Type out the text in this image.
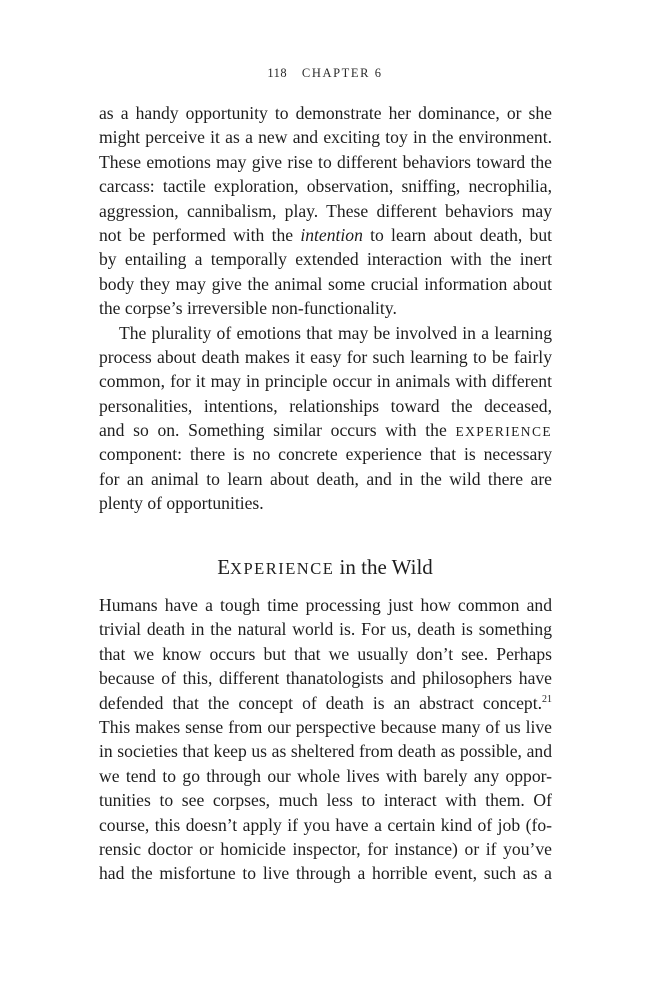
118 CHAPTER 6
as a handy opportunity to demonstrate her dominance, or she
might perceive it as a new and exciting toy in the environment.
These emotions may give rise to different behaviors toward the
carcass: tactile exploration, observation, sniffing, necrophilia,
aggression, cannibalism, play. These different behaviors may
not be performed with the intention to learn about death, but
by entailing a temporally extended interaction with the inert
body they may give the animal some crucial information about
the corpse’s irreversible non-functionality.
The plurality of emotions that may be involved in a learning
process about death makes it easy for such learning to be fairly
common, for it may in principle occur in animals with different
personalities, intentions, relationships toward the deceased,
and so on. Something similar occurs with the EXPERIENCE
component: there is no concrete experience that is necessary
for an animal to learn about death, and in the wild there are
plenty of opportunities.
EXPERIENCE in the Wild
Humans have a tough time processing just how common and
trivial death in the natural world is. For us, death is something
that we know occurs but that we usually don’t see. Perhaps
because of this, different thanatologists and philosophers have
defended that the concept of death is an abstract concept.$^{21}$
This makes sense from our perspective because many of us live
in societies that keep us as sheltered from death as possible, and
we tend to go through our whole lives with barely any oppor-
tunities to see corpses, much less to interact with them. Of
course, this doesn’t apply if you have a certain kind of job (fo-
rensic doctor or homicide inspector, for instance) or if you’ve
had the misfortune to live through a horrible event, such as a
